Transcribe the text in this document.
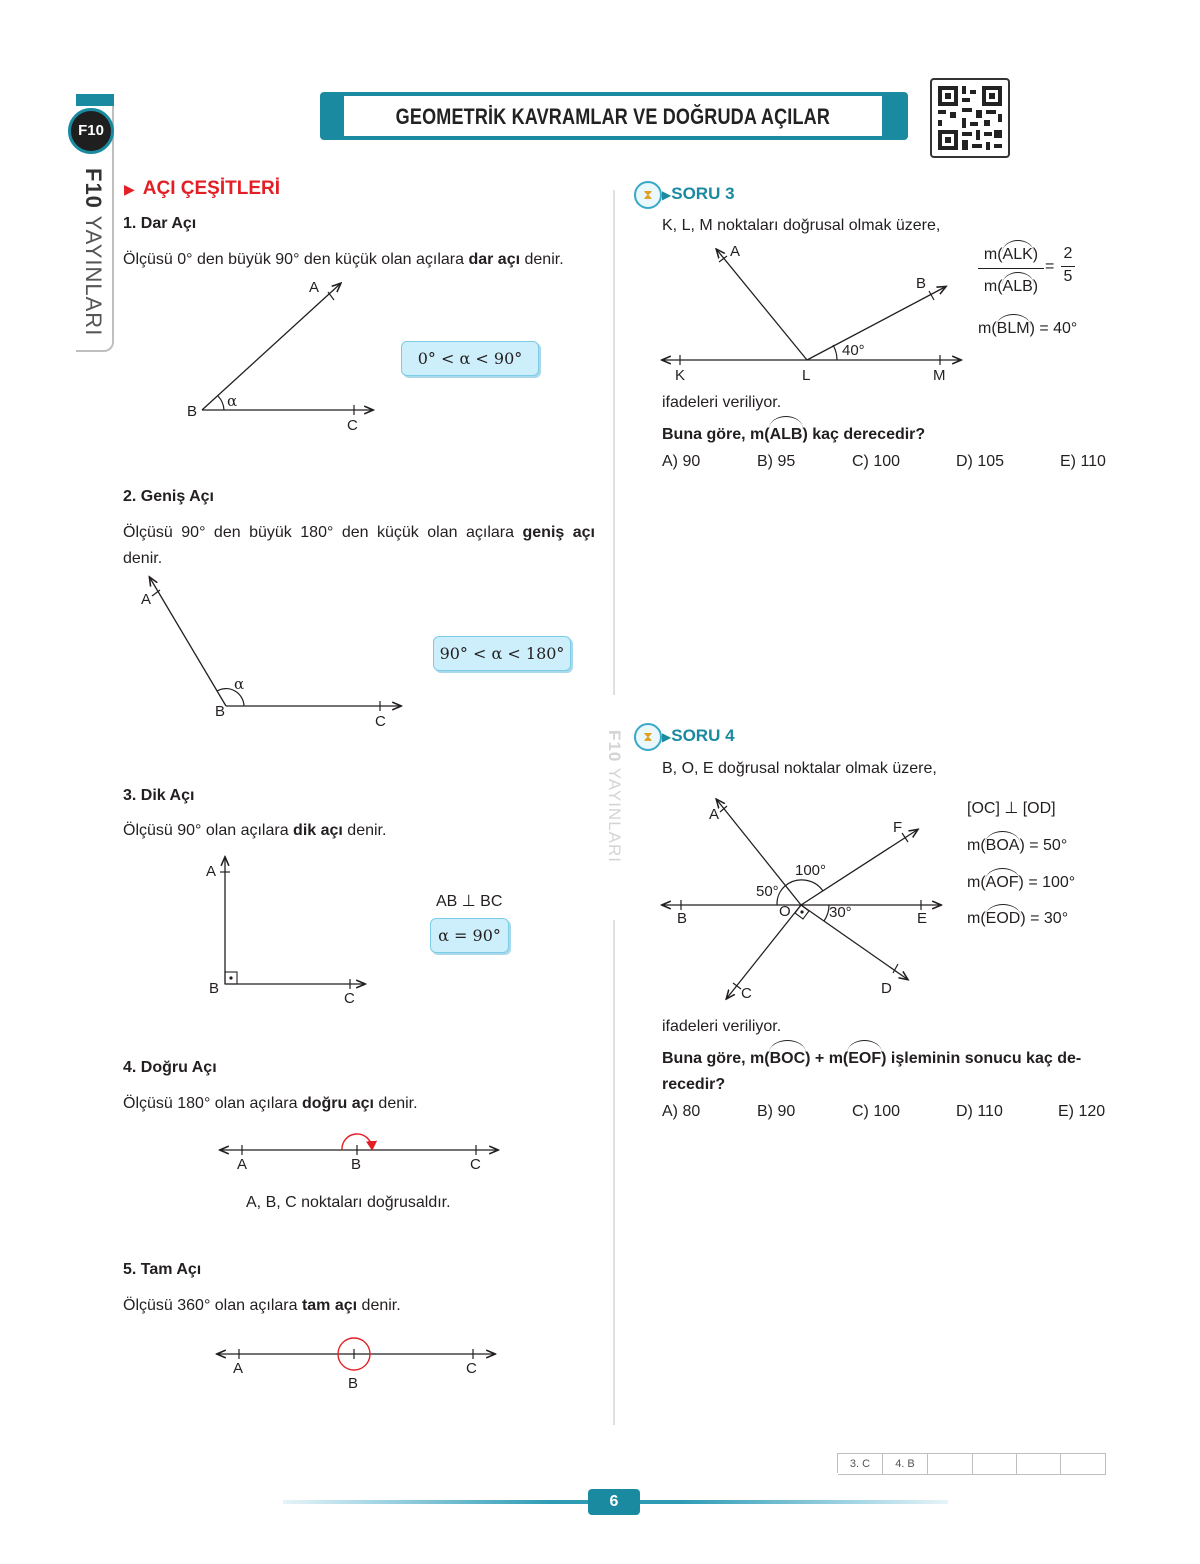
F10
F10 YAYINLARI
GEOMETRİK KAVRAMLAR VE DOĞRUDA AÇILAR
F10 YAYINLARI
▶ AÇI ÇEŞİTLERİ
1. Dar Açı
Ölçüsü 0° den büyük 90° den küçük olan açılara dar açı denir.
A
B
C
α
0° < α < 90°
2. Geniş Açı
Ölçüsü 90° den büyük 180° den küçük olan açılara geniş açı denir.
A
B
C
α
90° < α < 180°
3. Dik Açı
Ölçüsü 90° olan açılara dik açı denir.
A
B
C
AB ⊥ BC
α = 90°
4. Doğru Açı
Ölçüsü 180° olan açılara doğru açı denir.
A	B	C
A, B, C noktaları doğrusaldır.
5. Tam Açı
Ölçüsü 360° olan açılara tam açı denir.
A
B
C
⧗ ▶SORU 3
K, L, M noktaları doğrusal olmak üzere,
A
B
K	L	M
40°
m(ALK)
m(ALB)
=
2
5
m(BLM) = 40°
ifadeleri veriliyor.
Buna göre, m(ALB) kaç derecedir?
A) 90	B) 95	C) 100	D) 105	E) 110
⧗ ▶SORU 4
B, O, E doğrusal noktalar olmak üzere,
A
F
B	E
O
C	D
100°
50°
30°
[OC] ⊥ [OD]
m(BOA) = 50°
m(AOF) = 100°
m(EOD) = 30°
ifadeleri veriliyor.
Buna göre, m(BOC) + m(EOF) işleminin sonucu kaç de-
recedir?
A) 80	B) 90	C) 100	D) 110	E) 120
3. C	4. B
6
